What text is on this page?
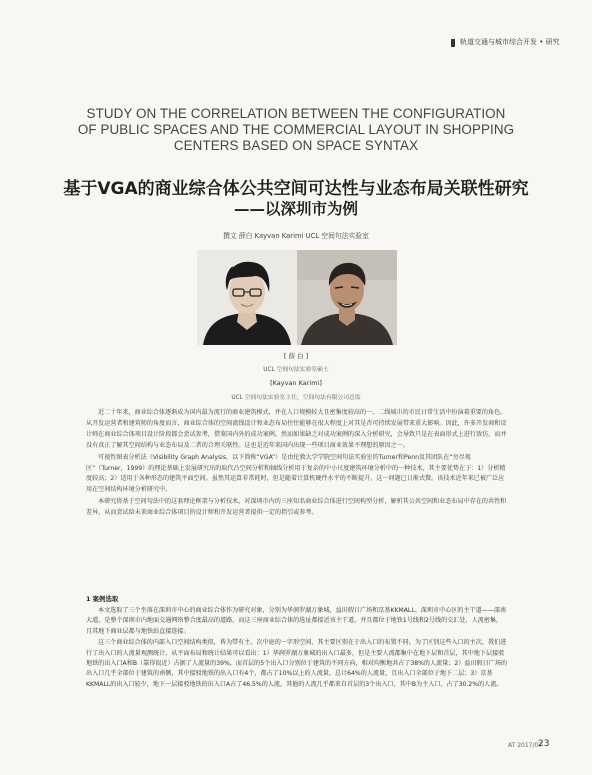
轨道交通与城市综合开发 • 研究
STUDY ON THE CORRELATION BETWEEN THE CONFIGURATION
OF PUBLIC SPACES AND THE COMMERCIAL LAYOUT IN SHOPPING
CENTERS BASED ON SPACE SYNTAX
基于VGA的商业综合体公共空间可达性与业态布局关联性研究
——以深圳市为例
撰文 薛白 Kayvan Karimi UCL 空间句法实验室
[ 薛 白 ]
UCL 空间句法实验室硕士
[Kayvan Karimi]
UCL 空间句法实验室主任，空间句法有限公司总监

近二十年来，商业综合体逐渐成为国内最为流行的商业建筑模式，并在人口规模较大且密集度较高的一、二线城市的市民日常生活中扮演着重要的角色。从开发运营者和建筑师的角度而言，商业综合体的空间流线设计和业态布局往往能够在很大程度上对其是否可持续发展带来重大影响。因此，许多开发商和设计师在商业综合体项目设计阶段都会尝试参考，借鉴国内外的成功案例。然而如果缺乏对成功案例的深入分析研究，会导致只是在表面形式上进行效仿，而并没有真正了解其空间结构与业态布局及二者的合理关联性。这也是近年来国内出现一些项目商业效果不理想的原因之一。

可视性图表分析法（Visibility Graph Analysis，以下简称“VGA”）是由伦敦大学学院空间句法实验室的Turner和Penn及其团队在“穷尽视区”（Turner，1999）的理论基础上发展研究出的取代凸空间分析和轴线分析用于复杂的中小尺度建筑环境分析中的一种技术，其主要优势在于：1）分析精度较高；2）适用于各种形态的建筑平面空间。虽然其运算非常耗时，但是随着计算机硬件水平的不断提升，这一问题已日渐式微。该技术近年来已被广泛应用在空间结构环境分析研究中。

本研究将基于空间句法中的这套理论框架与分析技术，对深圳市内的三座知名商业综合体进行空间构型分析，解析其公共空间和业态布局中存在的共性和差异，从而尝试给未来商业综合体项目的设计师和开发运营者提供一定的指引或参考。

1 案例选取

本文选取了三个坐落在深圳市中心的商业综合体作为研究对象，分别为华润罗湖万象城、益田假日广场和京基KKMALL。深圳市中心区的主干道——深南大道，是整个深圳市内地面交通网络整合度最高的道路，而这三座商业综合体的选址都接近该主干道，并且都位于地铁1号线和2号线的交汇处，人流密集，且其地下商业层都与地铁站直接连接。

这三个商业综合体的内部入口空间结构类似，皆为带有主、次中庭的一字形空间，其主要区别在于出入口的布置不同。为了区别这些入口的主次，我们进行了出入口的人流量观测统计。从平面布局和统计结果可以看出：1）华润罗湖万象城的出入口最多，但是主要人流都集中在地下层和首层，其中地下层接驳地铁的出入口A和B（靠得很近）占据了人流量的39%，而首层的5个出入口分别位于建筑的不同方向，相对均衡地共占了38%的人流量；2）益田假日广场的出入口几乎全部位于建筑的南侧，其中接驳地铁的出入口有4个，都占了10%以上的人流量，总计64%的人流量，且出入口全部位于地下二层；3）京基KKMALL的出入口较少，地下一层接驳地铁的出入口A占了46.5%的人流，其他的人流几乎都来自首层的3个出入口，其中B为主入口，占了30.2%的人流。

AT 2017/07
23
